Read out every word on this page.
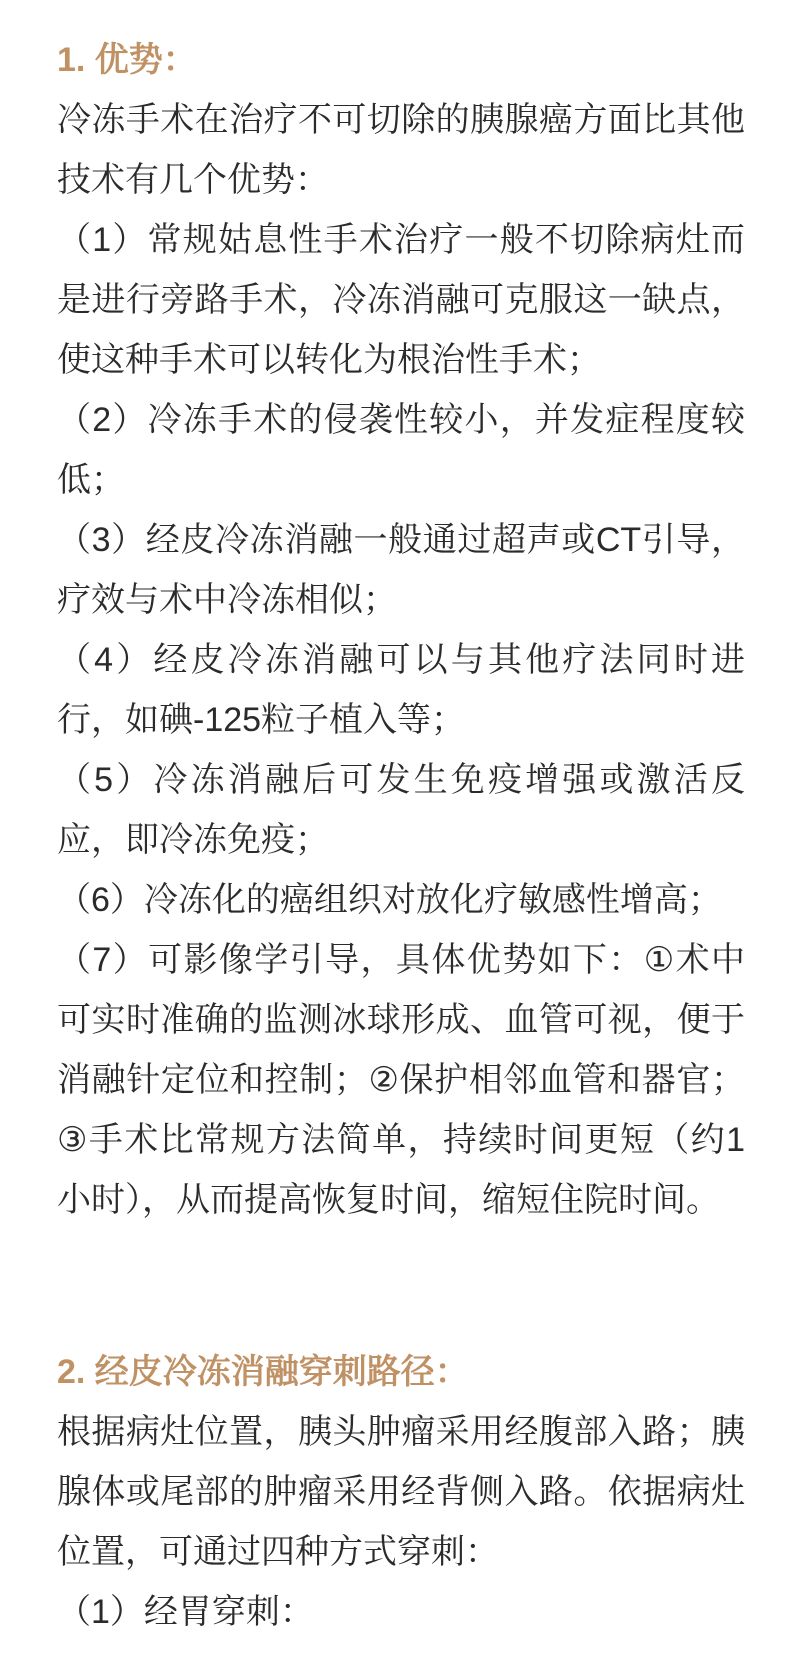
1. 优势：

冷冻手术在治疗不可切除的胰腺癌方面比其他技术有几个优势：

（1）常规姑息性手术治疗一般不切除病灶而是进行旁路手术，冷冻消融可克服这一缺点，使这种手术可以转化为根治性手术；

（2）冷冻手术的侵袭性较小，并发症程度较低；

（3）经皮冷冻消融一般通过超声或CT引导，疗效与术中冷冻相似；

（4）经皮冷冻消融可以与其他疗法同时进行，如碘-125粒子植入等；

（5）冷冻消融后可发生免疫增强或激活反应，即冷冻免疫；

（6）冷冻化的癌组织对放化疗敏感性增高；

（7）可影像学引导，具体优势如下：①术中可实时准确的监测冰球形成、血管可视，便于消融针定位和控制；②保护相邻血管和器官；③手术比常规方法简单，持续时间更短（约1小时），从而提高恢复时间，缩短住院时间。

2. 经皮冷冻消融穿刺路径：

根据病灶位置，胰头肿瘤采用经腹部入路；胰腺体或尾部的肿瘤采用经背侧入路。依据病灶位置，可通过四种方式穿刺：

（1）经胃穿刺：
